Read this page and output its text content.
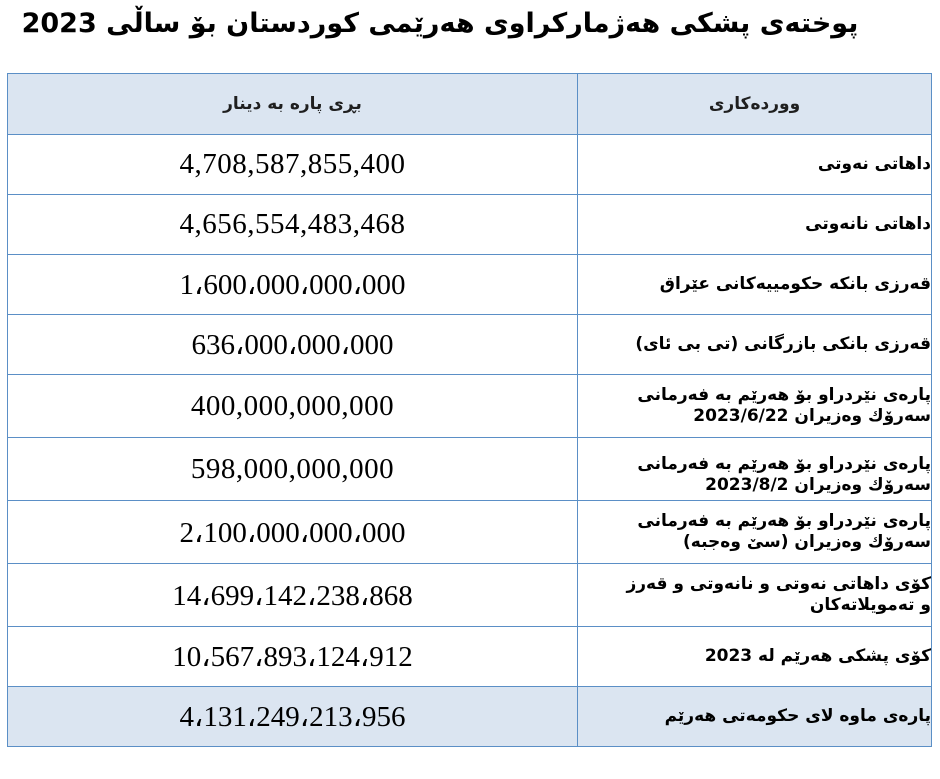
پوختەی پشکی هەژمارکراوی هەرێمی کوردستان بۆ ساڵی 2023
بڕی پارە بە دینار	ووردەکاری
4,708,587,855,400	داهاتی نەوتی

4,656,554,483,468	داهاتی نانەوتی

1،600،000،000،000	قەرزی بانکە حکومییەکانی عێراق

636،000،000،000	قەرزی بانکی بازرگانی (تی بی ئای)

400,000,000,000	پارەی نێردراو بۆ هەرێم بە فەرمانی
سەرۆك وەزیران 2023/6/22

598,000,000,000	پارەی نێردراو بۆ هەرێم بە فەرمانی
سەرۆك وەزیران 2023/8/2

2،100،000،000،000	پارەی نێردراو بۆ هەرێم بە فەرمانی
سەرۆك وەزیران (سێ وەجبە)

14،699،142،238،868	کۆی داهاتی نەوتی و نانەوتی و قەرز
و تەمویلاتەکان

10،567،893،124،912	کۆی پشکی هەرێم لە 2023

4،131،249،213،956	پارەی ماوە لای حکومەتی هەرێم
